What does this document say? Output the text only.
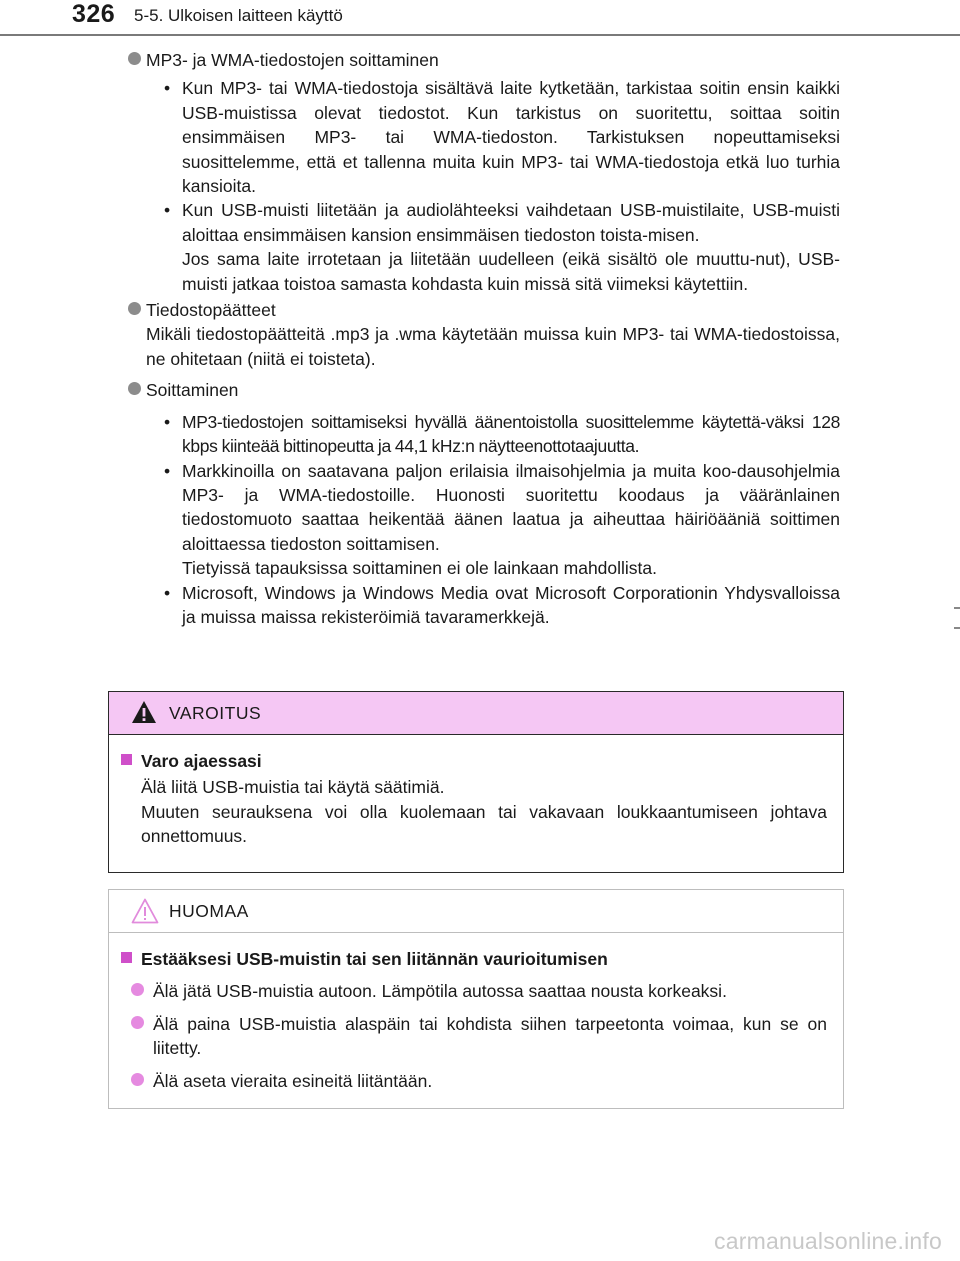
326 5-5. Ulkoisen laitteen käyttö
MP3- ja WMA-tiedostojen soittaminen
• Kun MP3- tai WMA-tiedostoja sisältävä laite kytketään, tarkistaa soitin ensin kaikki USB-muistissa olevat tiedostot. Kun tarkistus on suoritettu, soittaa soitin ensimmäisen MP3- tai WMA-tiedoston. Tarkistuksen nopeuttamiseksi suosittelemme, että et tallenna muita kuin MP3- tai WMA-tiedostoja etkä luo turhia kansioita.
• Kun USB-muisti liitetään ja audiolähteeksi vaihdetaan USB-muistilaite, USB-muisti aloittaa ensimmäisen kansion ensimmäisen tiedoston toista-misen.
Jos sama laite irrotetaan ja liitetään uudelleen (eikä sisältö ole muuttu-nut), USB-muisti jatkaa toistoa samasta kohdasta kuin missä sitä viimeksi käytettiin.
Tiedostopäätteet
Mikäli tiedostopäätteitä .mp3 ja .wma käytetään muissa kuin MP3- tai WMA-tiedostoissa, ne ohitetaan (niitä ei toisteta).
Soittaminen
• MP3-tiedostojen soittamiseksi hyvällä äänentoistolla suosittelemme käytettä-väksi 128 kbps kiinteää bittinopeutta ja 44,1 kHz:n näytteenottotaajuutta.
• Markkinoilla on saatavana paljon erilaisia ilmaisohjelmia ja muita koo-dausohjelmia MP3- ja WMA-tiedostoille. Huonosti suoritettu koodaus ja vääränlainen tiedostomuoto saattaa heikentää äänen laatua ja aiheuttaa häiriöääniä soittimen aloittaessa tiedoston soittamisen.
Tietyissä tapauksissa soittaminen ei ole lainkaan mahdollista.
• Microsoft, Windows ja Windows Media ovat Microsoft Corporationin Yhdysvalloissa ja muissa maissa rekisteröimiä tavaramerkkejä.
VAROITUS
Varo ajaessasi
Älä liitä USB-muistia tai käytä säätimiä.
Muuten seurauksena voi olla kuolemaan tai vakavaan loukkaantumiseen johtava onnettomuus.
HUOMAA
Estääksesi USB-muistin tai sen liitännän vaurioitumisen
Älä jätä USB-muistia autoon. Lämpötila autossa saattaa nousta korkeaksi.
Älä paina USB-muistia alaspäin tai kohdista siihen tarpeetonta voimaa, kun se on liitetty.
Älä aseta vieraita esineitä liitäntään.
carmanualsonline.info
